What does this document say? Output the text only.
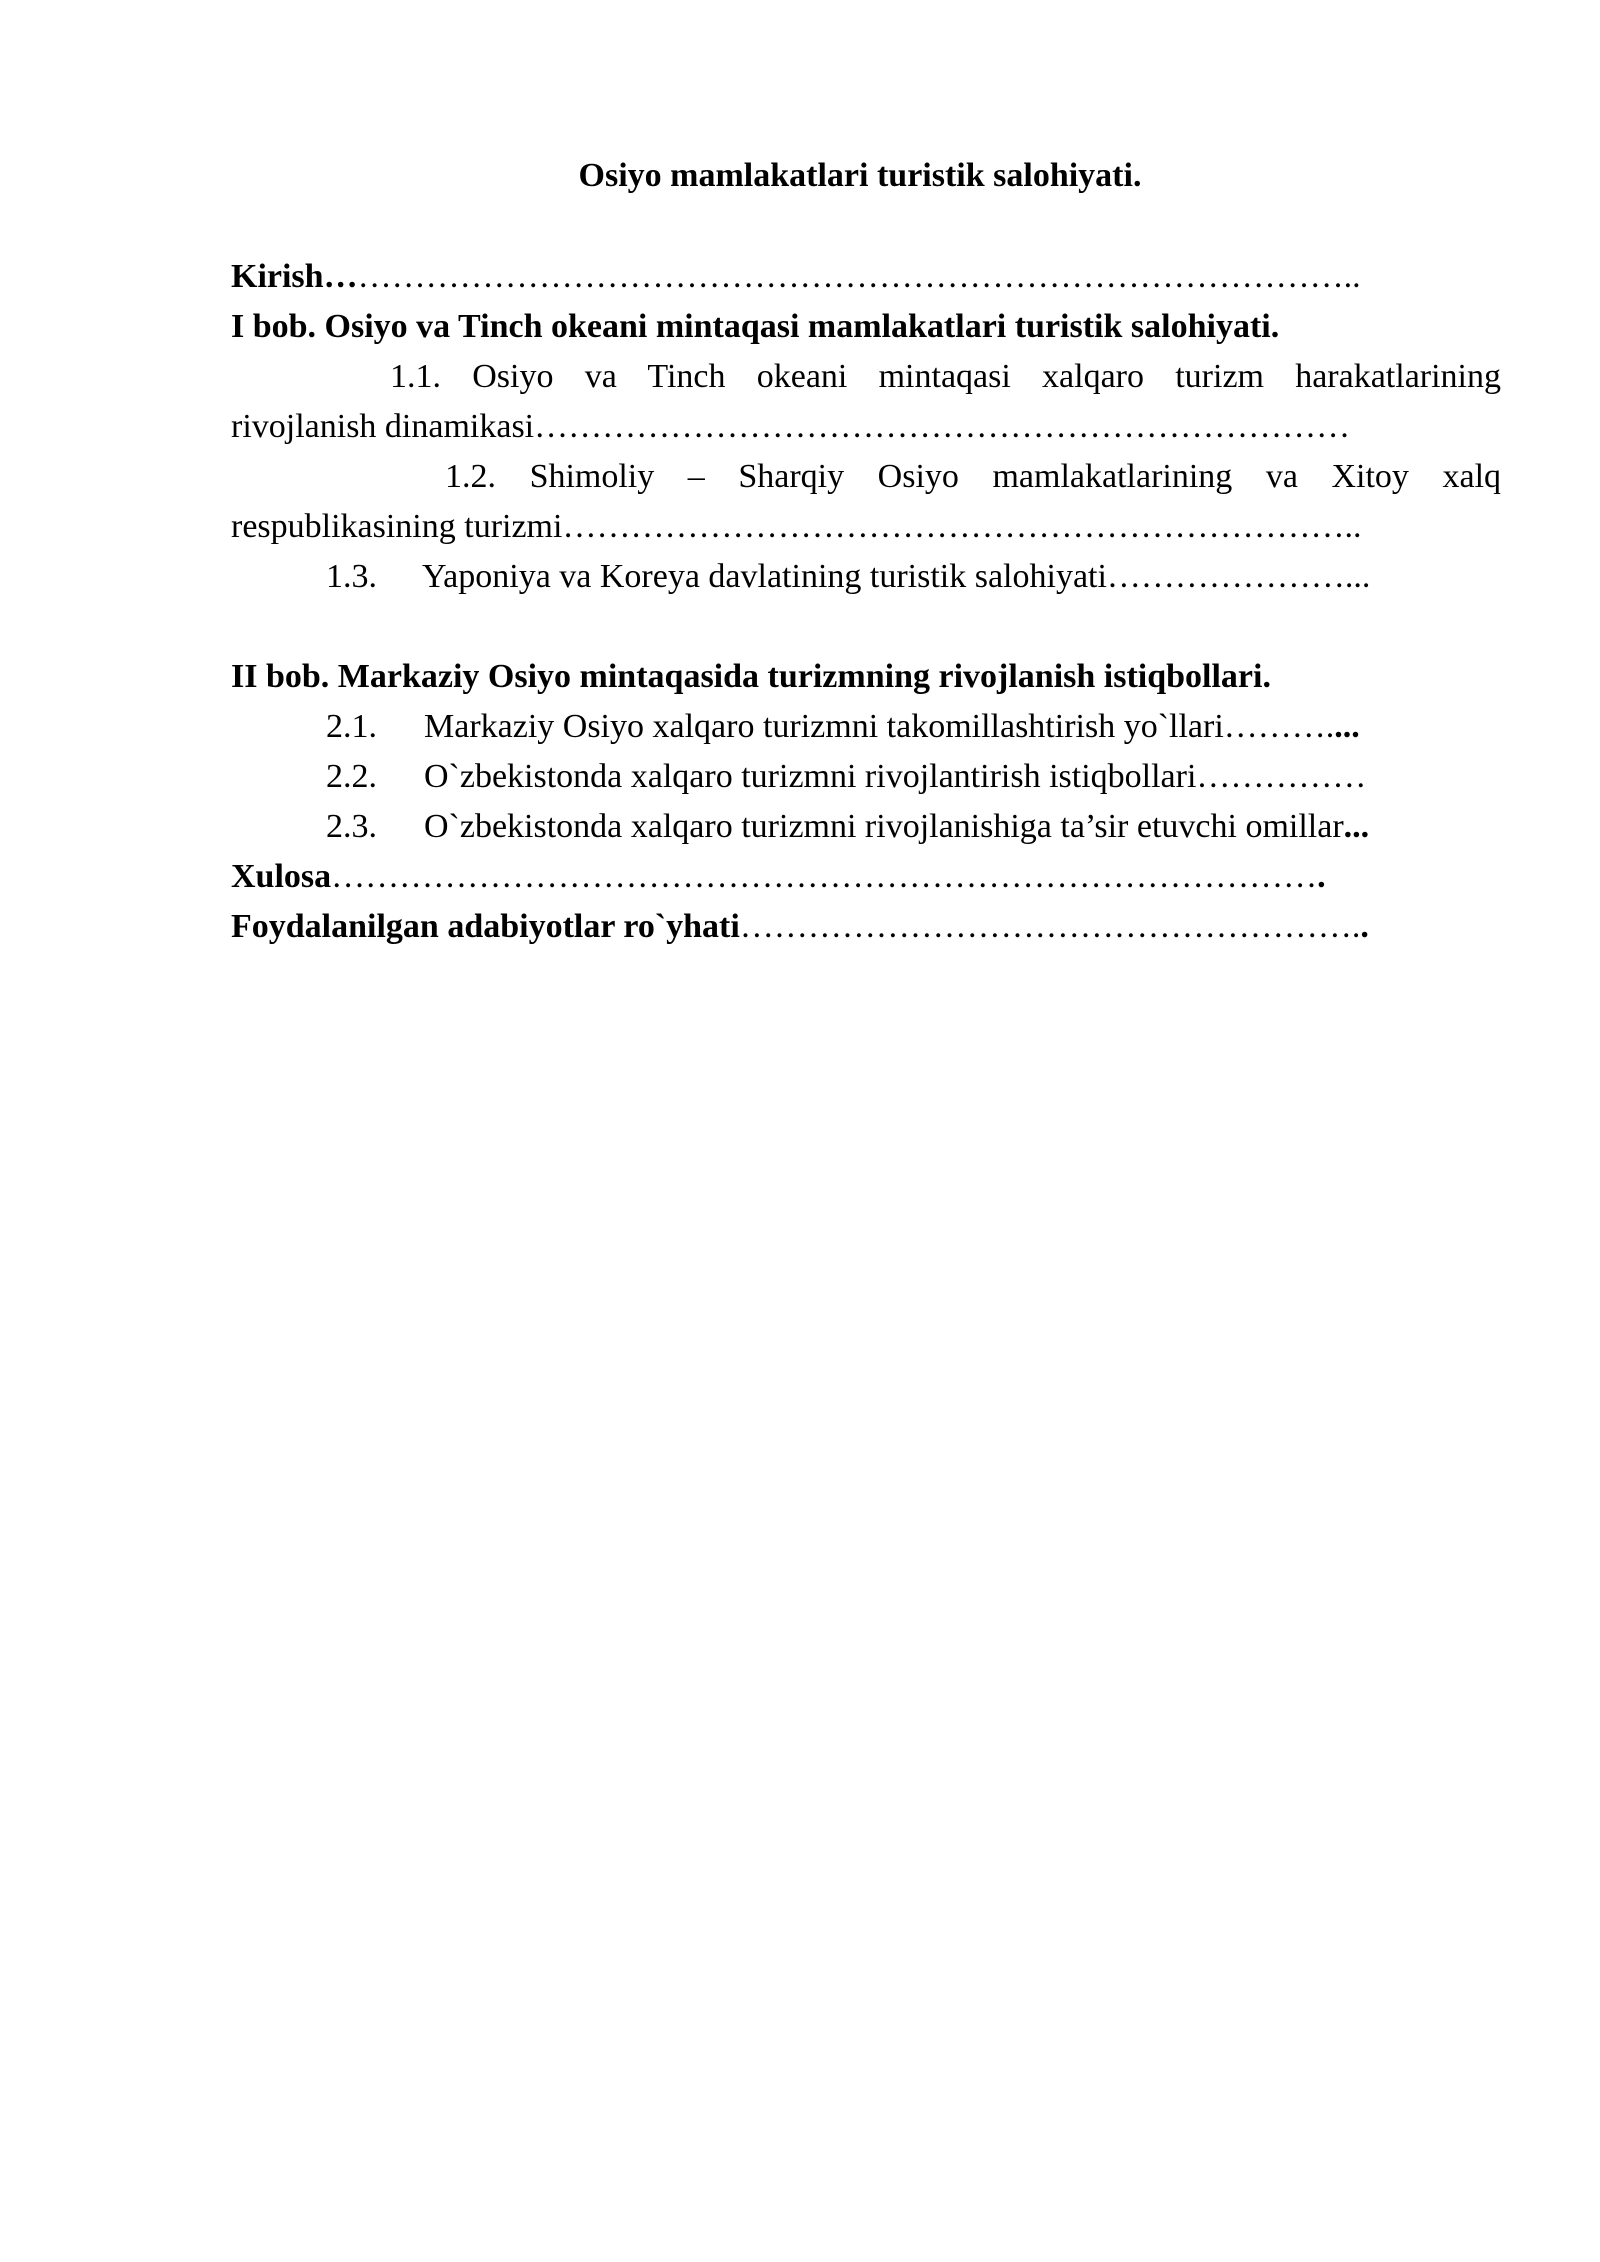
Osiyo mamlakatlari turistik salohiyati.
Kirish………………………………………………………………………………..
I bob. Osiyo va Tinch okeani mintaqasi mamlakatlari turistik salohiyati.
1.1. Osiyo va Tinch okeani mintaqasi xalqaro turizm harakatlarining
rivojlanish dinamikasi………………………………………………………………
1.2. Shimoliy – Sharqiy Osiyo mamlakatlarining va Xitoy xalq
respublikasining turizmi……………………………………………………………..
1.3. Yaponiya va Koreya davlatining turistik salohiyati…………………...
II bob. Markaziy Osiyo mintaqasida turizmning rivojlanish istiqbollari.
2.1. Markaziy Osiyo xalqaro turizmni takomillashtirish yo`llari………....
2.2. O`zbekistonda xalqaro turizmni rivojlantirish istiqbollari……………
2.3. O`zbekistonda xalqaro turizmni rivojlanishiga ta’sir etuvchi omillar...
Xulosa…………………………………………………………………………….
Foydalanilgan adabiyotlar ro`yhati………………………………………………..
